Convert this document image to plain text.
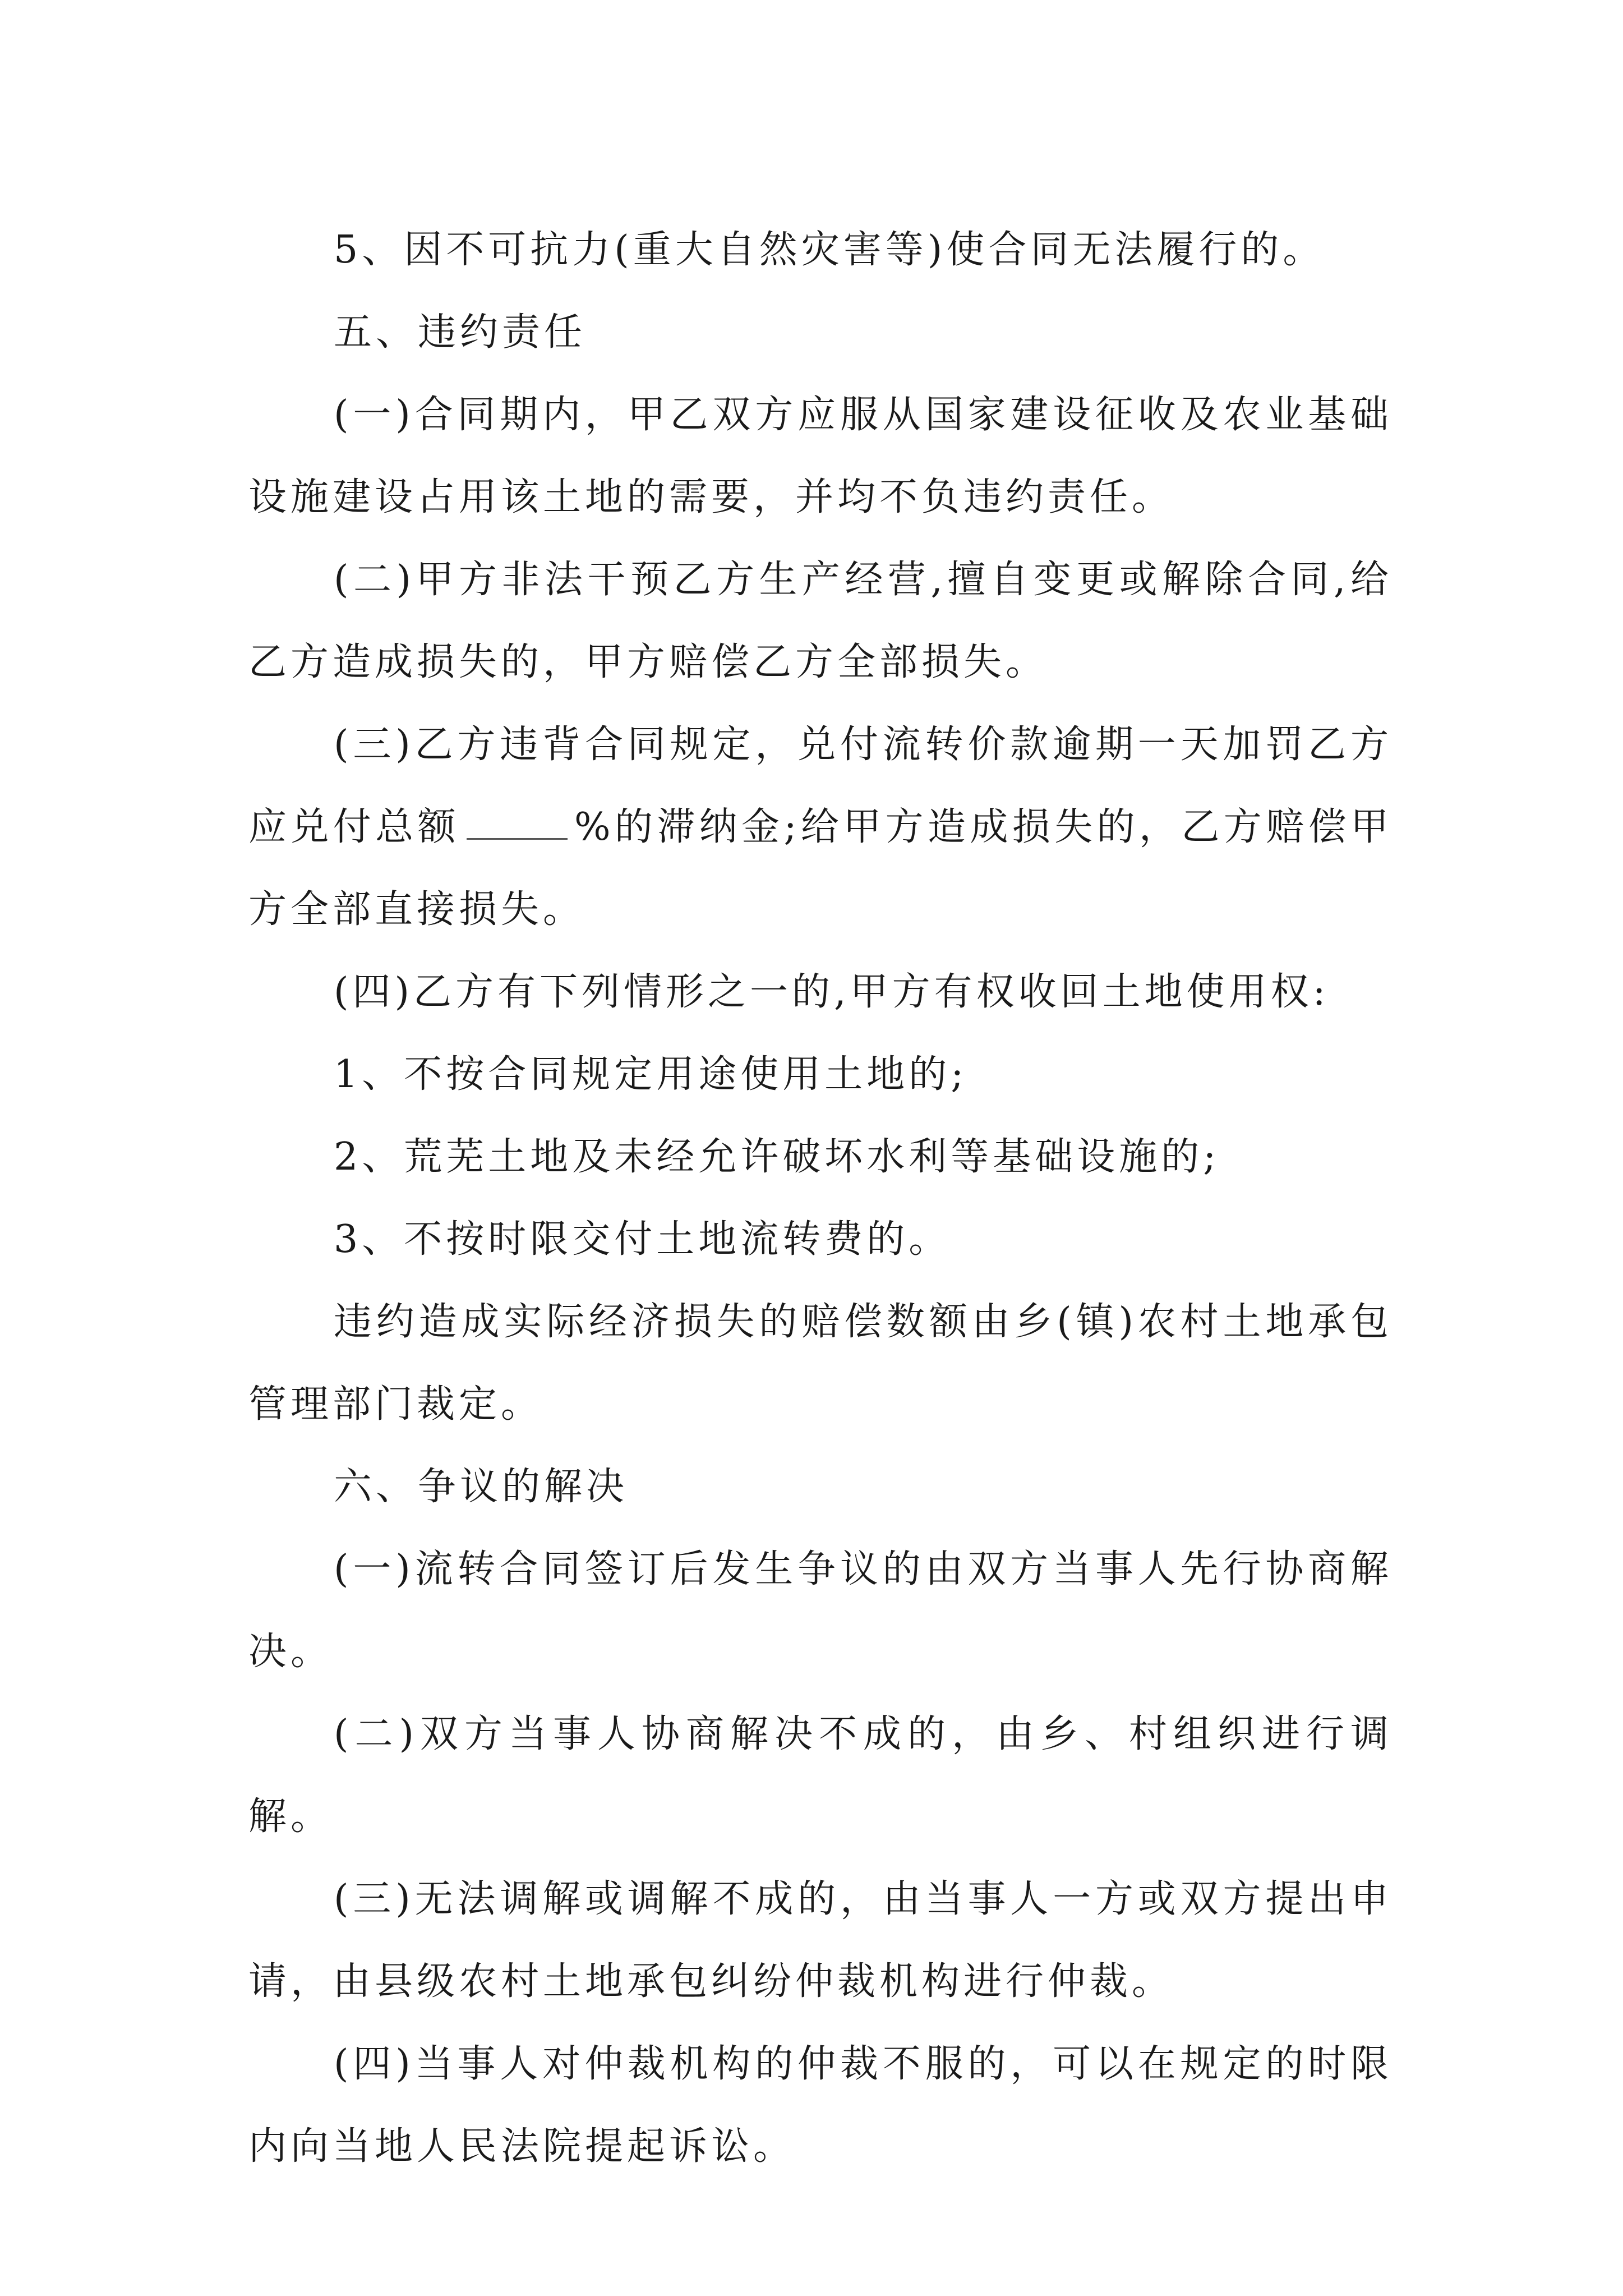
5、因不可抗力(重大自然灾害等)使合同无法履行的。

五、违约责任

(一)合同期内，甲乙双方应服从国家建设征收及农业基础设施建设占用该土地的需要，并均不负违约责任。

(二)甲方非法干预乙方生产经营,擅自变更或解除合同,给乙方造成损失的，甲方赔偿乙方全部损失。

(三)乙方违背合同规定，兑付流转价款逾期一天加罚乙方应兑付总额	%的滞纳金;给甲方造成损失的，乙方赔偿甲方全部直接损失。

(四)乙方有下列情形之一的,甲方有权收回土地使用权:

1、不按合同规定用途使用土地的;

2、荒芜土地及未经允许破坏水利等基础设施的;

3、不按时限交付土地流转费的。

违约造成实际经济损失的赔偿数额由乡(镇)农村土地承包管理部门裁定。

六、争议的解决

(一)流转合同签订后发生争议的由双方当事人先行协商解决。

(二)双方当事人协商解决不成的，由乡、村组织进行调解。

(三)无法调解或调解不成的，由当事人一方或双方提出申请，由县级农村土地承包纠纷仲裁机构进行仲裁。

(四)当事人对仲裁机构的仲裁不服的，可以在规定的时限内向当地人民法院提起诉讼。
